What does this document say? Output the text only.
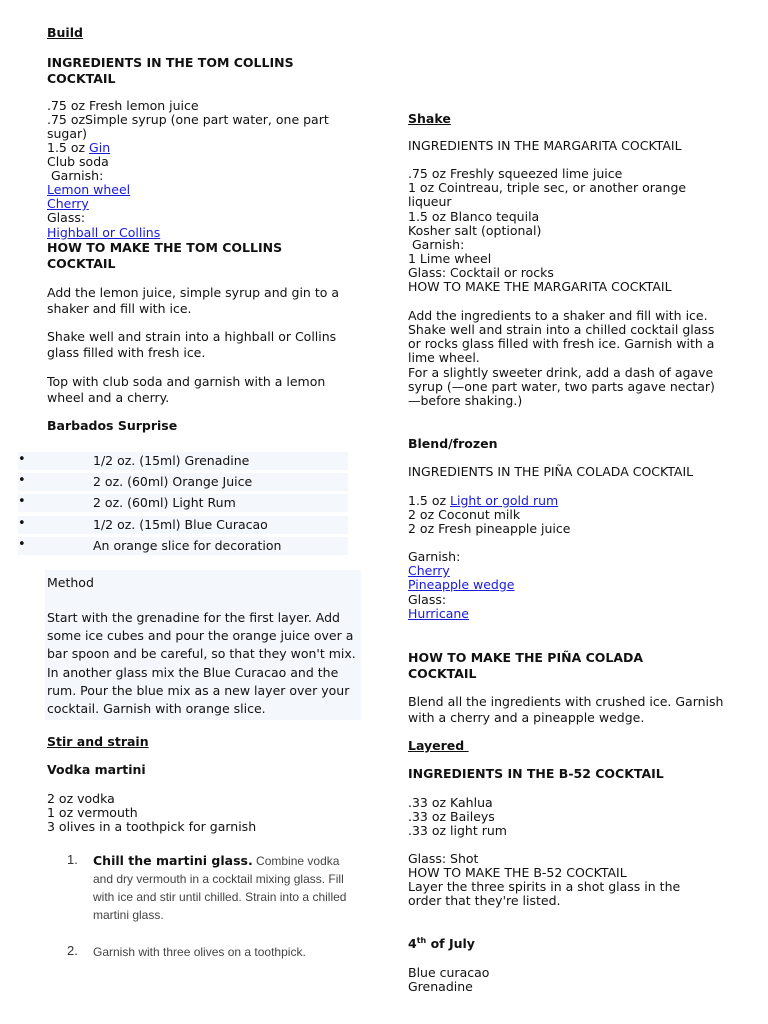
Build
INGREDIENTS IN THE TOM COLLINS COCKTAIL
.75 oz Fresh lemon juice
.75 ozSimple syrup (one part water, one part sugar)
1.5 oz Gin
Club soda
Garnish:
Lemon wheel
Cherry
Glass:
Highball or Collins
HOW TO MAKE THE TOM COLLINS COCKTAIL
Add the lemon juice, simple syrup and gin to a shaker and fill with ice.
Shake well and strain into a highball or Collins glass filled with fresh ice.
Top with club soda and garnish with a lemon wheel and a cherry.
Barbados Surprise
•	1/2 oz. (15ml) Grenadine
•	2 oz. (60ml) Orange Juice
•	2 oz. (60ml) Light Rum
•	1/2 oz. (15ml) Blue Curacao
•	An orange slice for decoration
Method
Start with the grenadine for the first layer. Add some ice cubes and pour the orange juice over a bar spoon and be careful, so that they won't mix. In another glass mix the Blue Curacao and the rum. Pour the blue mix as a new layer over your cocktail. Garnish with orange slice.
Stir and strain
Vodka martini
2 oz vodka
1 oz vermouth
3 olives in a toothpick for garnish
1. Chill the martini glass. Combine vodka and dry vermouth in a cocktail mixing glass. Fill with ice and stir until chilled. Strain into a chilled martini glass.
2. Garnish with three olives on a toothpick.
Shake
INGREDIENTS IN THE MARGARITA COCKTAIL
.75 oz Freshly squeezed lime juice
1 oz Cointreau, triple sec, or another orange liqueur
1.5 oz Blanco tequila
Kosher salt (optional)
Garnish:
1 Lime wheel
Glass: Cocktail or rocks
HOW TO MAKE THE MARGARITA COCKTAIL
Add the ingredients to a shaker and fill with ice. Shake well and strain into a chilled cocktail glass or rocks glass filled with fresh ice. Garnish with a lime wheel.
For a slightly sweeter drink, add a dash of agave syrup (—one part water, two parts agave nectar) —before shaking.)
Blend/frozen
INGREDIENTS IN THE PIÑA COLADA COCKTAIL
1.5 oz Light or gold rum
2 oz Coconut milk
2 oz Fresh pineapple juice
Garnish:
Cherry
Pineapple wedge
Glass:
Hurricane
HOW TO MAKE THE PIÑA COLADA COCKTAIL
Blend all the ingredients with crushed ice. Garnish with a cherry and a pineapple wedge.
Layered
INGREDIENTS IN THE B-52 COCKTAIL
.33 oz Kahlua
.33 oz Baileys
.33 oz light rum
Glass: Shot
HOW TO MAKE THE B-52 COCKTAIL
Layer the three spirits in a shot glass in the order that they're listed.
4th of July
Blue curacao
Grenadine
